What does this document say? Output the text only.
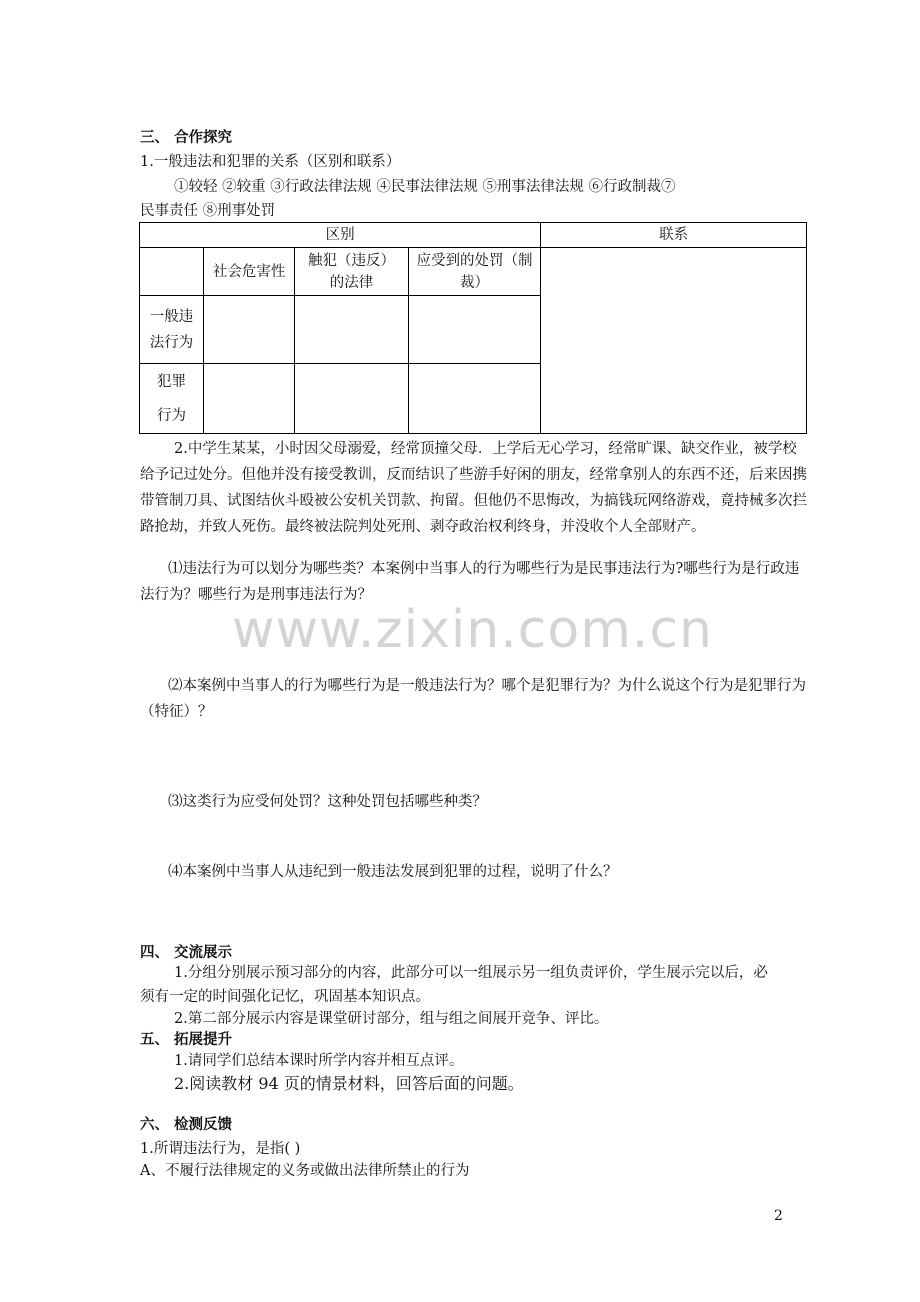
三、 合作探究
1.一般违法和犯罪的关系（区别和联系）
①较轻 ②较重 ③行政法律法规 ④民事法律法规 ⑤刑事法律法规 ⑥行政制裁⑦
民事责任 ⑧刑事处罚
区别				联系

	社会危害性	触犯（违反）的法律	应受到的处罚（制裁）	
一般违法行为				
犯罪 行为				
2.中学生某某，小时因父母溺爱，经常顶撞父母．上学后无心学习，经常旷课、缺交作业，被学校给予记过处分。但他并没有接受教训，反而结识了些游手好闲的朋友，经常拿别人的东西不还，后来因携带管制刀具、试图结伙斗殴被公安机关罚款、拘留。但他仍不思悔改，为搞钱玩网络游戏，竟持械多次拦路抢劫，并致人死伤。最终被法院判处死刑、剥夺政治权利终身，并没收个人全部财产。
⑴违法行为可以划分为哪些类？本案例中当事人的行为哪些行为是民事违法行为?哪些行为是行政违法行为？哪些行为是刑事违法行为？
www.zixin.com.cn
⑵本案例中当事人的行为哪些行为是一般违法行为？哪个是犯罪行为？为什么说这个行为是犯罪行为（特征）？
⑶这类行为应受何处罚？这种处罚包括哪些种类？
⑷本案例中当事人从违纪到一般违法发展到犯罪的过程，说明了什么？
四、 交流展示
1.分组分别展示预习部分的内容，此部分可以一组展示另一组负责评价，学生展示完以后，必须有一定的时间强化记忆，巩固基本知识点。
2.第二部分展示内容是课堂研讨部分，组与组之间展开竞争、评比。
五、 拓展提升
1.请同学们总结本课时所学内容并相互点评。
2.阅读教材 94 页的情景材料，回答后面的问题。
六、 检测反馈
1.所谓违法行为，是指( )
A、不履行法律规定的义务或做出法律所禁止的行为
2
